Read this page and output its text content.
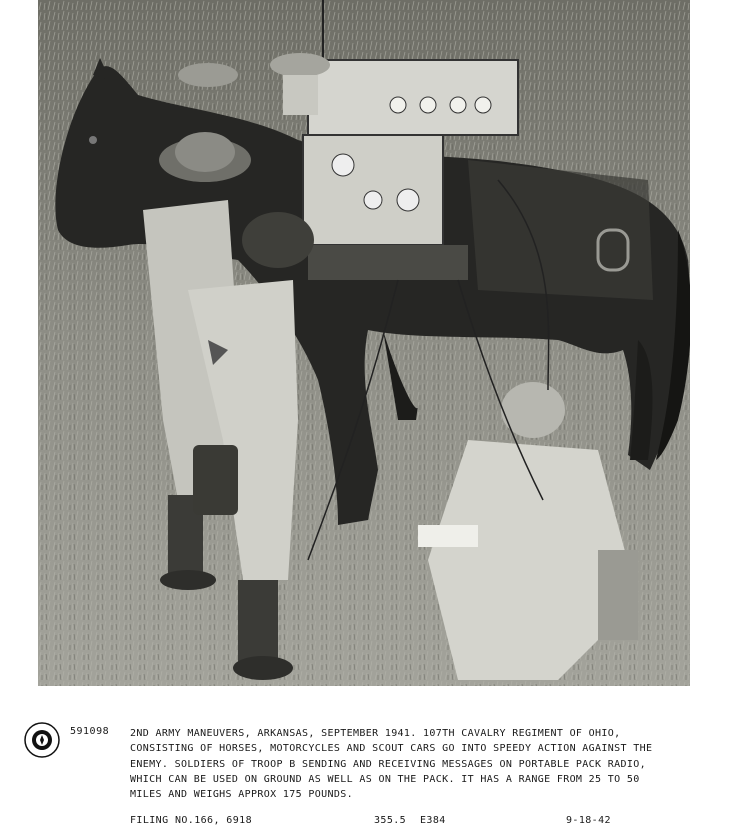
591098 2ND ARMY MANEUVERS, ARKANSAS, SEPTEMBER 1941. 107TH CAVALRY REGIMENT OF OHIO, CONSISTING OF HORSES, MOTORCYCLES AND SCOUT CARS GO INTO SPEEDY ACTION AGAINST THE ENEMY. SOLDIERS OF TROOP B SENDING AND RECEIVING MESSAGES ON PORTABLE PACK RADIO, WHICH CAN BE USED ON GROUND AS WELL AS ON THE PACK. IT HAS A RANGE FROM 25 TO 50 MILES AND WEIGHS APPROX 175 POUNDS.
FILING NO.166, 6918	355.5 E384	9-18-42
